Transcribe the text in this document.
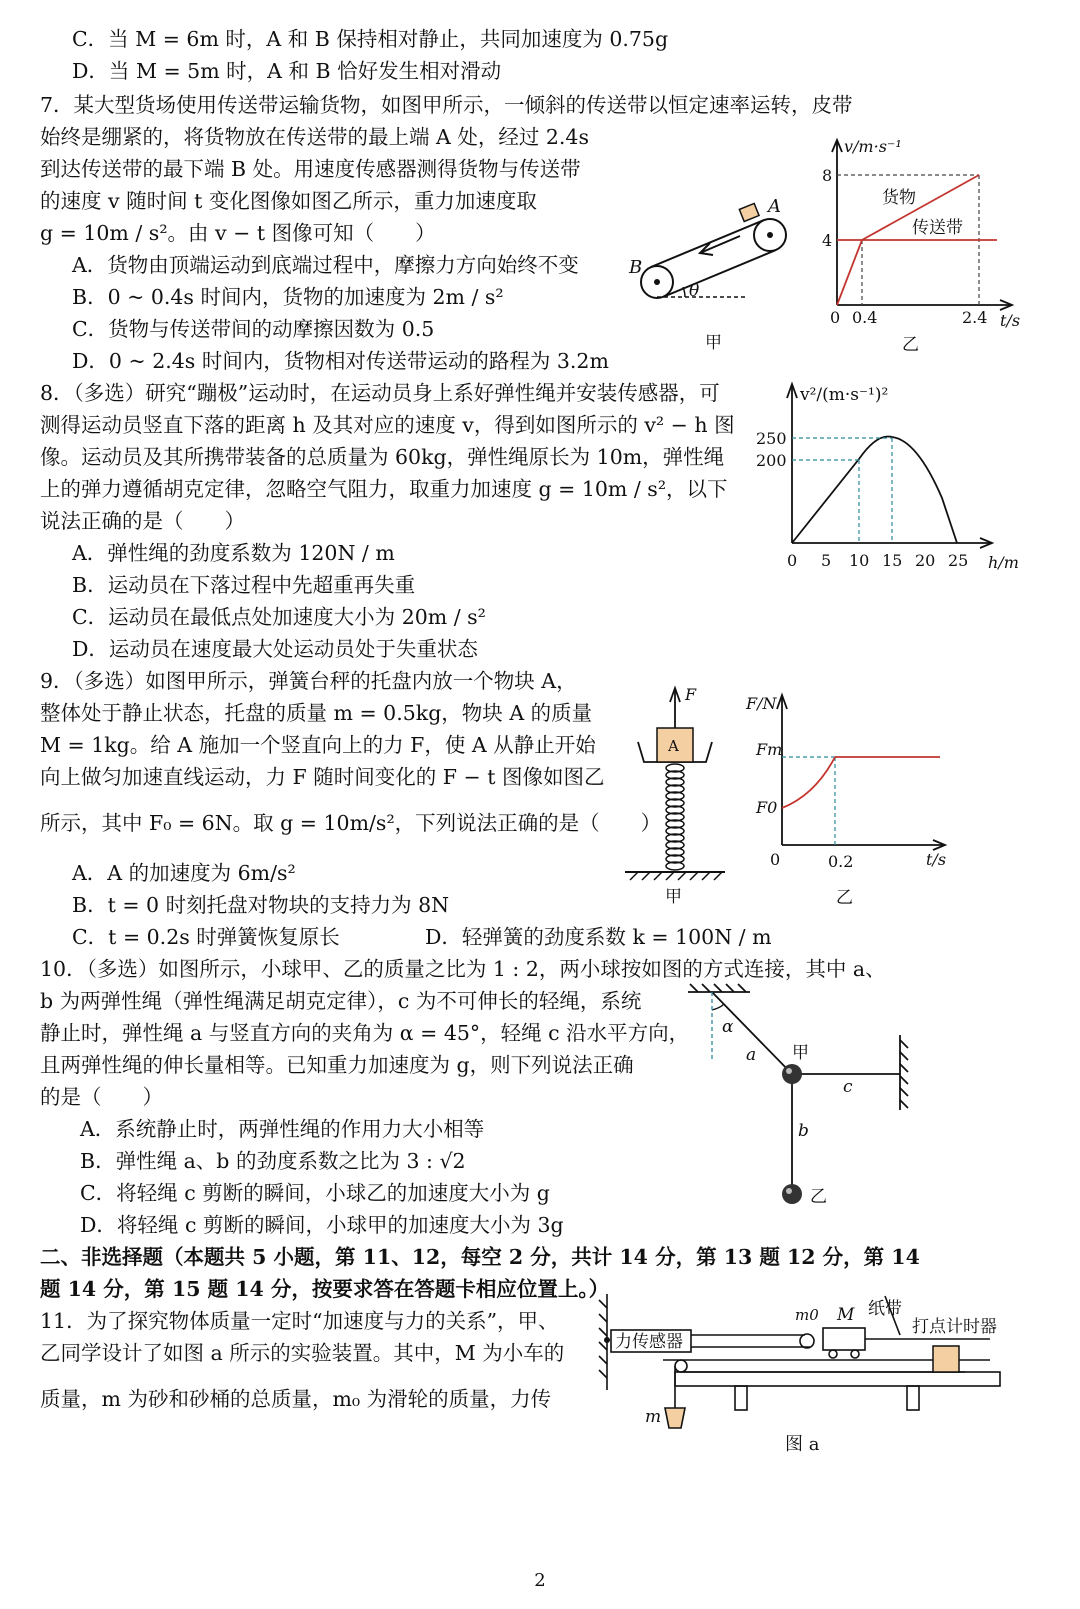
C．当 M = 6m 时，A 和 B 保持相对静止，共同加速度为 0.75g
D．当 M = 5m 时，A 和 B 恰好发生相对滑动
7．某大型货场使用传送带运输货物，如图甲所示，一倾斜的传送带以恒定速率运转，皮带
始终是绷紧的，将货物放在传送带的最上端 A 处，经过 2.4s
到达传送带的最下端 B 处。用速度传感器测得货物与传送带
的速度 v 随时间 t 变化图像如图乙所示，重力加速度取
g = 10m / s²。由 v − t 图像可知（　　）
A．货物由顶端运动到底端过程中，摩擦力方向始终不变
B．0 ~ 0.4s 时间内，货物的加速度为 2m / s²
C．货物与传送带间的动摩擦因数为 0.5
D．0 ~ 2.4s 时间内，货物相对传送带运动的路程为 3.2m
A
B
θ
甲
v/m·s⁻¹
8
4
0 0.4	2.4 t/s
货物
传送带
乙
8．（多选）研究“蹦极”运动时，在运动员身上系好弹性绳并安装传感器，可
测得运动员竖直下落的距离 h 及其对应的速度 v，得到如图所示的 v² − h 图
像。运动员及其所携带装备的总质量为 60kg，弹性绳原长为 10m，弹性绳
上的弹力遵循胡克定律，忽略空气阻力，取重力加速度 g = 10m / s²，以下
说法正确的是（　　）
A．弹性绳的劲度系数为 120N / m
B．运动员在下落过程中先超重再失重
C．运动员在最低点处加速度大小为 20m / s²
D．运动员在速度最大处运动员处于失重状态
v²/(m·s⁻¹)²
250
200
0 5 10 15 20 25 h/m
9．（多选）如图甲所示，弹簧台秤的托盘内放一个物块 A，
整体处于静止状态，托盘的质量 m = 0.5kg，物块 A 的质量
M = 1kg。给 A 施加一个竖直向上的力 F，使 A 从静止开始
向上做匀加速直线运动，力 F 随时间变化的 F − t 图像如图乙
所示，其中 F₀ = 6N。取 g = 10m/s²，下列说法正确的是（　　）
A．A 的加速度为 6m/s²
B．t = 0 时刻托盘对物块的支持力为 8N
C．t = 0.2s 时弹簧恢复原长	D．轻弹簧的劲度系数 k = 100N / m
F
A
甲
F/N
Fm
F0
0	0.2	t/s
乙
10．（多选）如图所示，小球甲、乙的质量之比为 1 : 2，两小球按如图的方式连接，其中 a、
b 为两弹性绳（弹性绳满足胡克定律），c 为不可伸长的轻绳，系统
静止时，弹性绳 a 与竖直方向的夹角为 α = 45°，轻绳 c 沿水平方向，
且两弹性绳的伸长量相等。已知重力加速度为 g，则下列说法正确
的是（　　）
A．系统静止时，两弹性绳的作用力大小相等
B．弹性绳 a、b 的劲度系数之比为 3 : √2
C．将轻绳 c 剪断的瞬间，小球乙的加速度大小为 g
D．将轻绳 c 剪断的瞬间，小球甲的加速度大小为 3g
α
a 甲
c
b
乙
二、非选择题（本题共 5 小题，第 11、12，每空 2 分，共计 14 分，第 13 题 12 分，第 14
题 14 分，第 15 题 14 分，按要求答在答题卡相应位置上。）
11．为了探究物体质量一定时“加速度与力的关系”，甲、
乙同学设计了如图 a 所示的实验装置。其中，M 为小车的
质量，m 为砂和砂桶的总质量，m₀ 为滑轮的质量，力传
力传感器
m0 M 纸带
打点计时器
m
图 a
2
